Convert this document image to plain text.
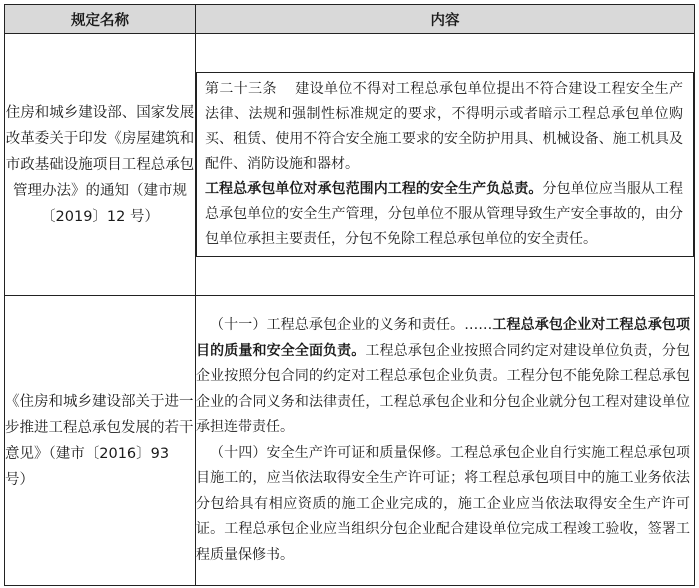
规定名称	内容
住房和城乡建设部、国家发展改革委关于印发《房屋建筑和市政基础设施项目工程总承包管理办法》的通知（建市规〔2019〕12 号）	第二十三条 建设单位不得对工程总承包单位提出不符合建设工程安全生产法律、法规和强制性标准规定的要求，不得明示或者暗示工程总承包单位购买、租赁、使用不符合安全施工要求的安全防护用具、机械设备、施工机具及配件、消防设施和器材。
工程总承包单位对承包范围内工程的安全生产负总责。分包单位应当服从工程总承包单位的安全生产管理，分包单位不服从管理导致生产安全事故的，由分包单位承担主要责任，分包不免除工程总承包单位的安全责任。

《住房和城乡建设部关于进一步推进工程总承包发展的若干意见》（建市〔2016〕93 号）	（十一）工程总承包企业的义务和责任。……工程总承包企业对工程总承包项目的质量和安全全面负责。工程总承包企业按照合同约定对建设单位负责，分包企业按照分包合同的约定对工程总承包企业负责。工程分包不能免除工程总承包企业的合同义务和法律责任，工程总承包企业和分包企业就分包工程对建设单位承担连带责任。
（十四）安全生产许可证和质量保修。工程总承包企业自行实施工程总承包项目施工的，应当依法取得安全生产许可证；将工程总承包项目中的施工业务依法分包给具有相应资质的施工企业完成的，施工企业应当依法取得安全生产许可证。工程总承包企业应当组织分包企业配合建设单位完成工程竣工验收，签署工程质量保修书。
